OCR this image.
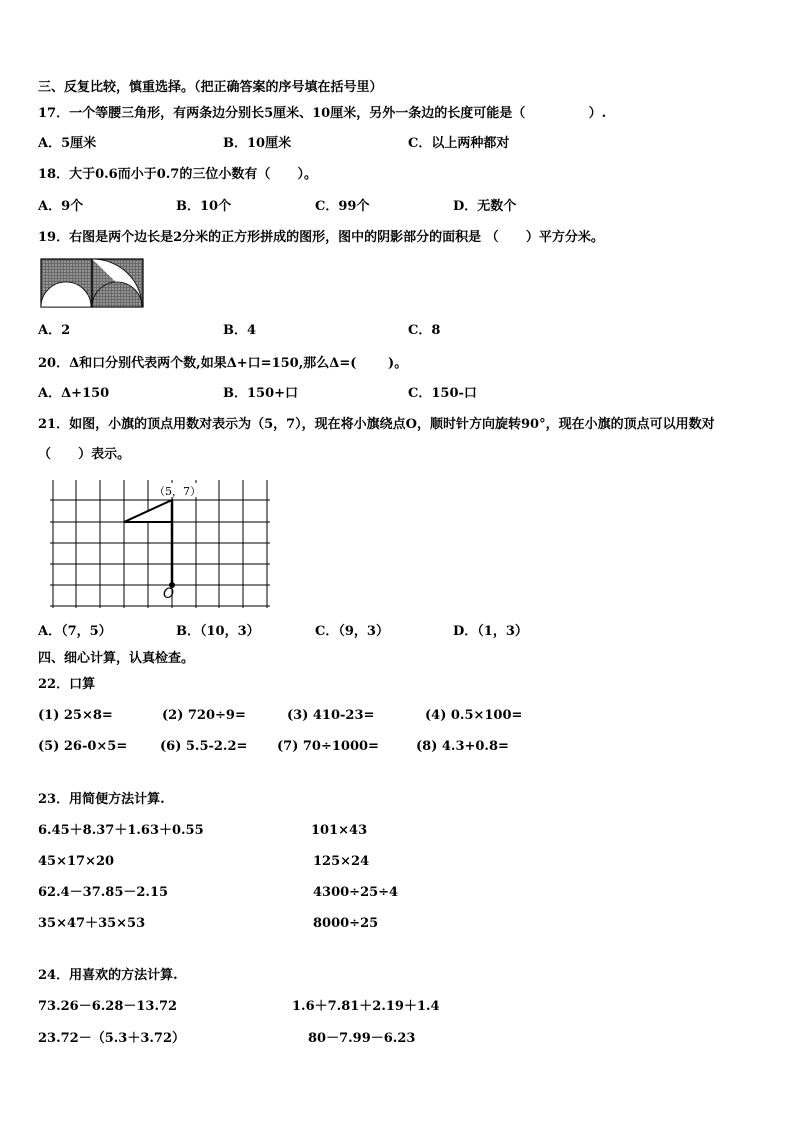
三、反复比较，慎重选择。（把正确答案的序号填在括号里）
17．一个等腰三角形，有两条边分别长5厘米、10厘米，另外一条边的长度可能是（              ）.
A．5厘米	B．10厘米	C．以上两种都对
18．大于0.6而小于0.7的三位小数有（      ）。
A．9个	B．10个	C．99个	D．无数个
19．右图是两个边长是2分米的正方形拼成的图形，图中的阴影部分的面积是 （      ）平方分米。
A．2	B．4	C．8
20．Δ和口分别代表两个数,如果Δ+口=150,那么Δ=(       )。
A．Δ+150	B．150+口	C．150-口
21．如图，小旗的顶点用数对表示为（5，7），现在将小旗绕点O，顺时针方向旋转90°，现在小旗的顶点可以用数对
（      ）表示。
（5，7）
O
A．（7，5）	B．（10，3）	C．（9，3）	D．（1，3）
四、细心计算，认真检查。
22．口算
(1) 25×8=	(2) 720÷9=	(3) 410-23=	(4) 0.5×100=
(5) 26-0×5=	(6) 5.5-2.2= (7) 70÷1000=	(8) 4.3+0.8=
23．用简便方法计算.
6.45＋8.37＋1.63＋0.55	101×43
45×17×20	125×24
62.4－37.85－2.15	4300÷25÷4
35×47＋35×53	8000÷25
24．用喜欢的方法计算.
73.26－6.28－13.72	1.6＋7.81＋2.19＋1.4
23.72－（5.3＋3.72）	80－7.99－6.23
